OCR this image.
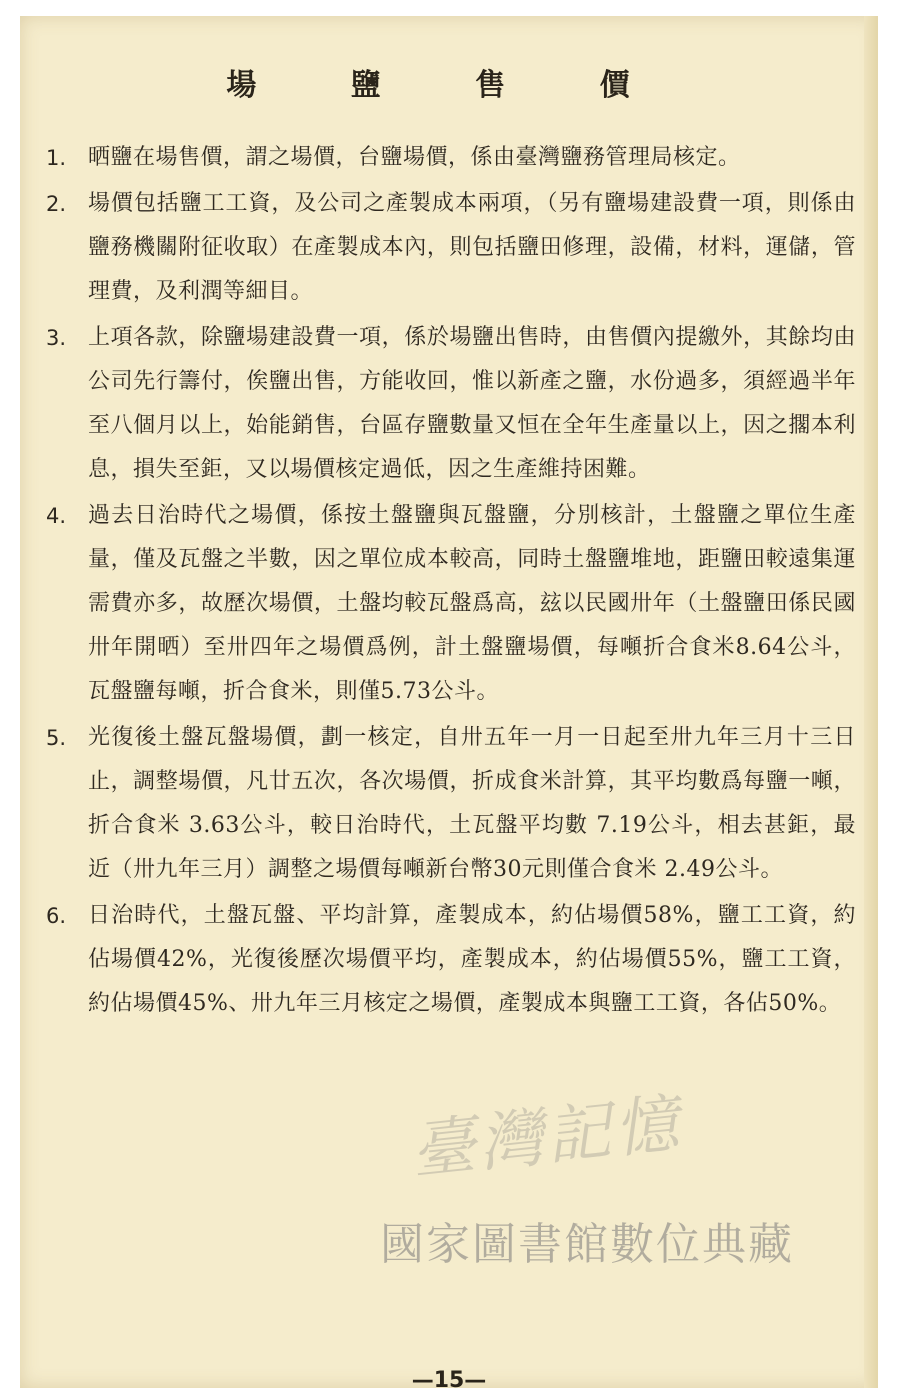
場 鹽 售 價
1. 晒鹽在場售價，謂之場價，台鹽場價，係由臺灣鹽務管理局核定。
2. 場價包括鹽工工資，及公司之產製成本兩項，（另有鹽場建設費一項，則係由鹽務機關附征收取）在產製成本內，則包括鹽田修理，設備，材料，運儲，管理費，及利潤等細目。
3. 上項各款，除鹽場建設費一項，係於場鹽出售時，由售價內提繳外，其餘均由公司先行籌付，俟鹽出售，方能收回，惟以新產之鹽，水份過多，須經過半年至八個月以上，始能銷售，台區存鹽數量又恒在全年生產量以上，因之擱本利息，損失至鉅，又以場價核定過低，因之生產維持困難。
4. 過去日治時代之場價，係按土盤鹽與瓦盤鹽，分別核計，土盤鹽之單位生產量，僅及瓦盤之半數，因之單位成本較高，同時土盤鹽堆地，距鹽田較遠集運需費亦多，故歷次場價，土盤均較瓦盤爲高，玆以民國卅年（土盤鹽田係民國卅年開晒）至卅四年之場價爲例，計土盤鹽場價，每噸折合食米8.64公斗，瓦盤鹽每噸，折合食米，則僅5.73公斗。
5. 光復後土盤瓦盤場價，劃一核定，自卅五年一月一日起至卅九年三月十三日止，調整場價，凡廿五次，各次場價，折成食米計算，其平均數爲每鹽一噸，折合食米 3.63公斗，較日治時代，土瓦盤平均數 7.19公斗，相去甚鉅，最近（卅九年三月）調整之場價每噸新台幣30元則僅合食米 2.49公斗。
6. 日治時代，土盤瓦盤、平均計算，產製成本，約佔場價58%，鹽工工資，約佔場價42%，光復後歷次場價平均，產製成本，約佔場價55%，鹽工工資，約佔場價45%、卅九年三月核定之場價，產製成本與鹽工工資，各佔50%。
—15—
臺灣記憶
國家圖書館數位典藏
